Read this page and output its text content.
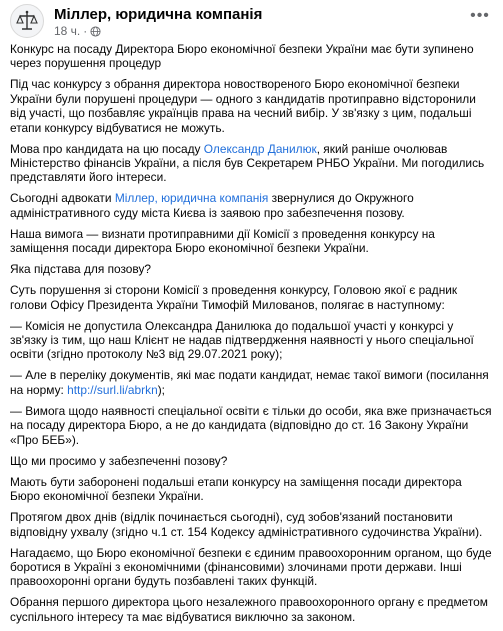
Міллер, юридична компанія
18 ч. ·
•••

Конкурс на посаду Директора Бюро економічної безпеки України має бути зупинено через порушення процедур

Під час конкурсу з обрання директора новоствореного Бюро економічної безпеки України були порушені процедури — одного з кандидатів протиправно відсторонили від участі, що позбавляє українців права на чесний вибір. У зв'язку з цим, подальші етапи конкурсу відбуватися не можуть.

Мова про кандидата на цю посаду Олександр Данилюк, який раніше очолював Міністерство фінансів України, а після був Секретарем РНБО України. Ми погодились представляти його інтереси.

Сьогодні адвокати Міллер, юридична компанія звернулися до Окружного адміністративного суду міста Києва із заявою про забезпечення позову.

Наша вимога — визнати протиправними дії Комісії з проведення конкурсу на заміщення посади директора Бюро економічної безпеки України.

Яка підстава для позову?

Суть порушення зі сторони Комісії з проведення конкурсу, Головою якої є радник голови Офісу Президента України Тимофій Милованов, полягає в наступному:

— Комісія не допустила Олександра Данилюка до подальшої участі у конкурсі у зв'язку із тим, що наш Клієнт не надав підтвердження наявності у нього спеціальної освіти (згідно протоколу №3 від 29.07.2021 року);

— Але в переліку документів, які має подати кандидат, немає такої вимоги (посилання на норму: http://surl.li/abrkn);

— Вимога щодо наявності спеціальної освіти є тільки до особи, яка вже призначається на посаду директора Бюро, а не до кандидата (відповідно до ст. 16 Закону України «Про БЕБ»).

Що ми просимо у забезпеченні позову?

Мають бути заборонені подальші етапи конкурсу на заміщення посади директора Бюро економічної безпеки України.

Протягом двох днів (відлік починається сьогодні), суд зобов'язаний постановити відповідну ухвалу (згідно ч.1 ст. 154 Кодексу адміністративного судочинства України).

Нагадаємо, що Бюро економічної безпеки є єдиним правоохоронним органом, що буде боротися в Україні з економічними (фінансовими) злочинами проти держави. Інші правоохоронні органи будуть позбавлені таких функцій.

Обрання першого директора цього незалежного правоохоронного органу є предметом суспільного інтересу та має відбуватися виключно за законом.
